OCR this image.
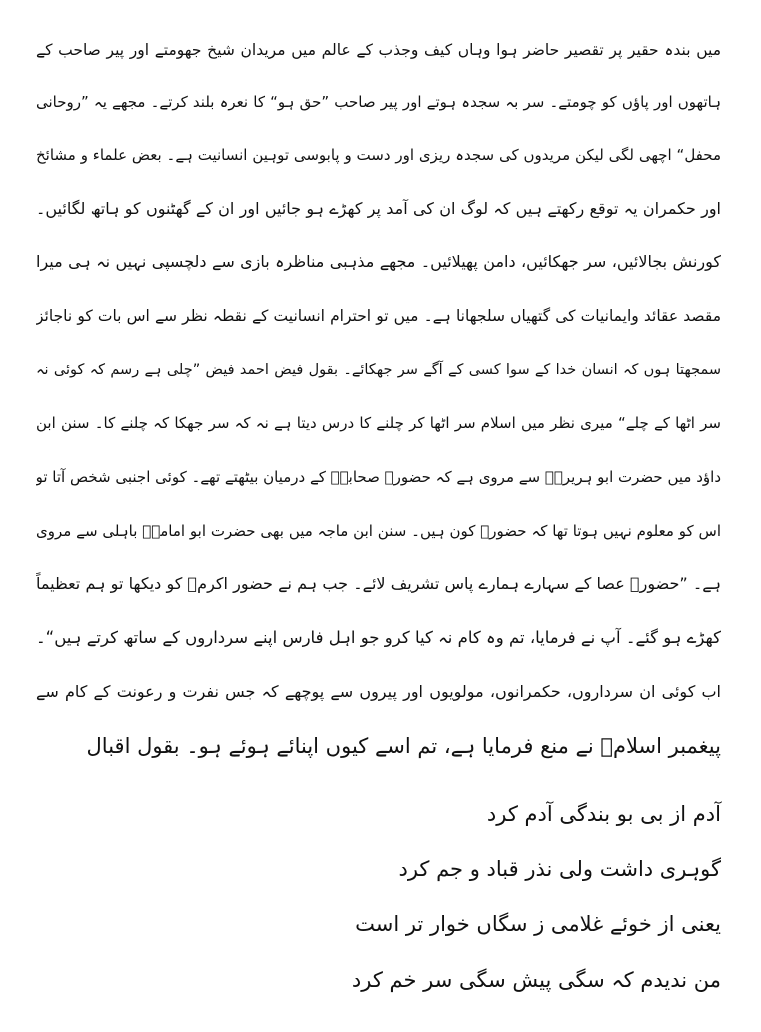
میں بندہ حقیر پر تقصیر حاضر ہوا وہاں کیف وجذب کے عالم میں مریدان شیخ جھومتے اور پیر صاحب کے
ہاتھوں اور پاؤں کو چومتے۔ سر بہ سجدہ ہوتے اور پیر صاحب ”حق ہو“ کا نعرہ بلند کرتے۔ مجھے یہ ”روحانی
محفل“ اچھی لگی لیکن مریدوں کی سجدہ ریزی اور دست و پابوسی توہین انسانیت ہے۔ بعض علماء و مشائخ
اور حکمران یہ توقع رکھتے ہیں کہ لوگ ان کی آمد پر کھڑے ہو جائیں اور ان کے گھٹنوں کو ہاتھ لگائیں۔
کورنش بجالائیں، سر جھکائیں، دامن پھیلائیں۔ مجھے مذہبی مناظرہ بازی سے دلچسپی نہیں نہ ہی میرا
مقصد عقائد وایمانیات کی گتھیاں سلجھانا ہے۔ میں تو احترام انسانیت کے نقطہ نظر سے اس بات کو ناجائز
سمجھتا ہوں کہ انسان خدا کے سوا کسی کے آگے سر جھکائے۔ بقول فیض احمد فیض ”چلی ہے رسم کہ کوئی نہ
سر اٹھا کے چلے“ میری نظر میں اسلام سر اٹھا کر چلنے کا درس دیتا ہے نہ کہ سر جھکا کہ چلنے کا۔ سنن ابن
داؤد میں حضرت ابو ہریرہؓ سے مروی ہے کہ حضورؐ صحابہؓ کے درمیان بیٹھتے تھے۔ کوئی اجنبی شخص آتا تو
اس کو معلوم نہیں ہوتا تھا کہ حضورؐ کون ہیں۔ سنن ابن ماجہ میں بھی حضرت ابو امامہؓ باہلی سے مروی
ہے۔ ”حضورؐ عصا کے سہارے ہمارے پاس تشریف لائے۔ جب ہم نے حضور اکرمؐ کو دیکھا تو ہم تعظیماً
کھڑے ہو گئے۔ آپ نے فرمایا، تم وہ کام نہ کیا کرو جو اہل فارس اپنے سرداروں کے ساتھ کرتے ہیں“۔
اب کوئی ان سرداروں، حکمرانوں، مولویوں اور پیروں سے پوچھے کہ جس نفرت و رعونت کے کام سے
پیغمبر اسلامؐ نے منع فرمایا ہے، تم اسے کیوں اپنائے ہوئے ہو۔ بقول اقبال
آدم از بی بو بندگی آدم کرد
گوہری داشت ولی نذر قباد و جم کرد
یعنی از خوئے غلامی ز سگاں خوار تر است
من ندیدم کہ سگی پیش سگی سر خم کرد
